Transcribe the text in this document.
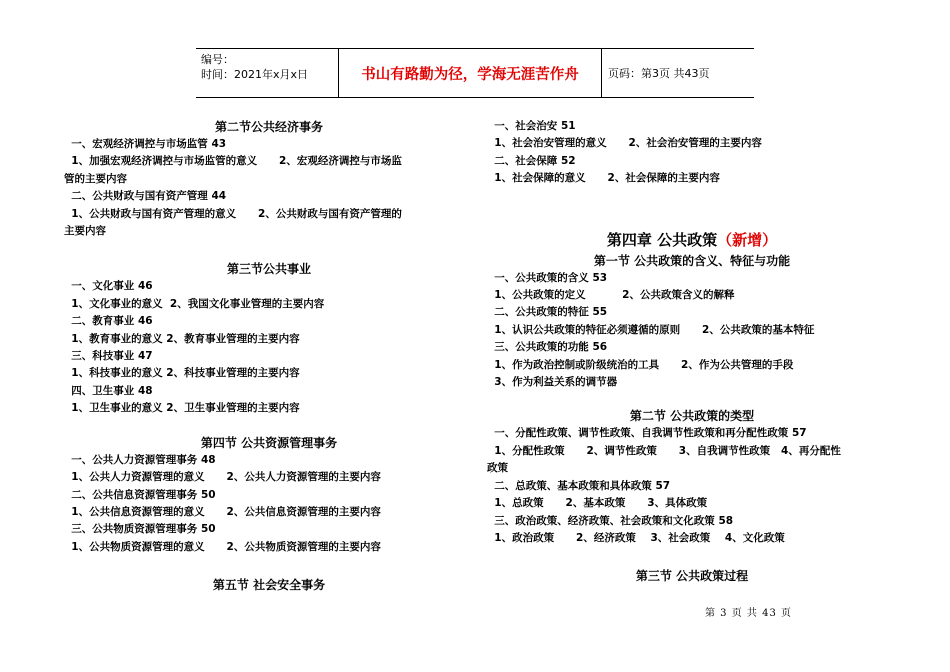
编号：
时间：2021年x月x日	书山有路勤为径，学海无涯苦作舟	页码：第3页 共43页
第二节公共经济事务
一、宏观经济调控与市场监管 43
1、加强宏观经济调控与市场监管的意义      2、宏观经济调控与市场监
管的主要内容
二、公共财政与国有资产管理 44
1、公共财政与国有资产管理的意义      2、公共财政与国有资产管理的
主要内容
第三节公共事业
一、文化事业 46
1、文化事业的意义  2、我国文化事业管理的主要内容
二、教育事业 46
1、教育事业的意义 2、教育事业管理的主要内容
三、科技事业 47
1、科技事业的意义 2、科技事业管理的主要内容
四、卫生事业 48
1、卫生事业的意义 2、卫生事业管理的主要内容
第四节 公共资源管理事务
一、公共人力资源管理事务 48
1、公共人力资源管理的意义      2、公共人力资源管理的主要内容
二、公共信息资源管理事务 50
1、公共信息资源管理的意义      2、公共信息资源管理的主要内容
三、公共物质资源管理事务 50
1、公共物质资源管理的意义      2、公共物质资源管理的主要内容
第五节 社会安全事务
一、社会治安 51
1、社会治安管理的意义      2、社会治安管理的主要内容
二、社会保障 52
1、社会保障的意义      2、社会保障的主要内容
第四章 公共政策（新增）
第一节 公共政策的含义、特征与功能
一、公共政策的含义 53
1、公共政策的定义          2、公共政策含义的解释
二、公共政策的特征 55
1、认识公共政策的特征必须遵循的原则      2、公共政策的基本特征
三、公共政策的功能 56
1、作为政治控制或阶级统治的工具      2、作为公共管理的手段
3、作为利益关系的调节器
第二节 公共政策的类型
一、分配性政策、调节性政策、自我调节性政策和再分配性政策 57
1、分配性政策      2、调节性政策      3、自我调节性政策   4、再分配性
政策
二、总政策、基本政策和具体政策 57
1、总政策      2、基本政策      3、具体政策
三、政治政策、经济政策、社会政策和文化政策 58
1、政治政策      2、经济政策    3、社会政策    4、文化政策
第三节 公共政策过程
第 3 页 共 43 页
